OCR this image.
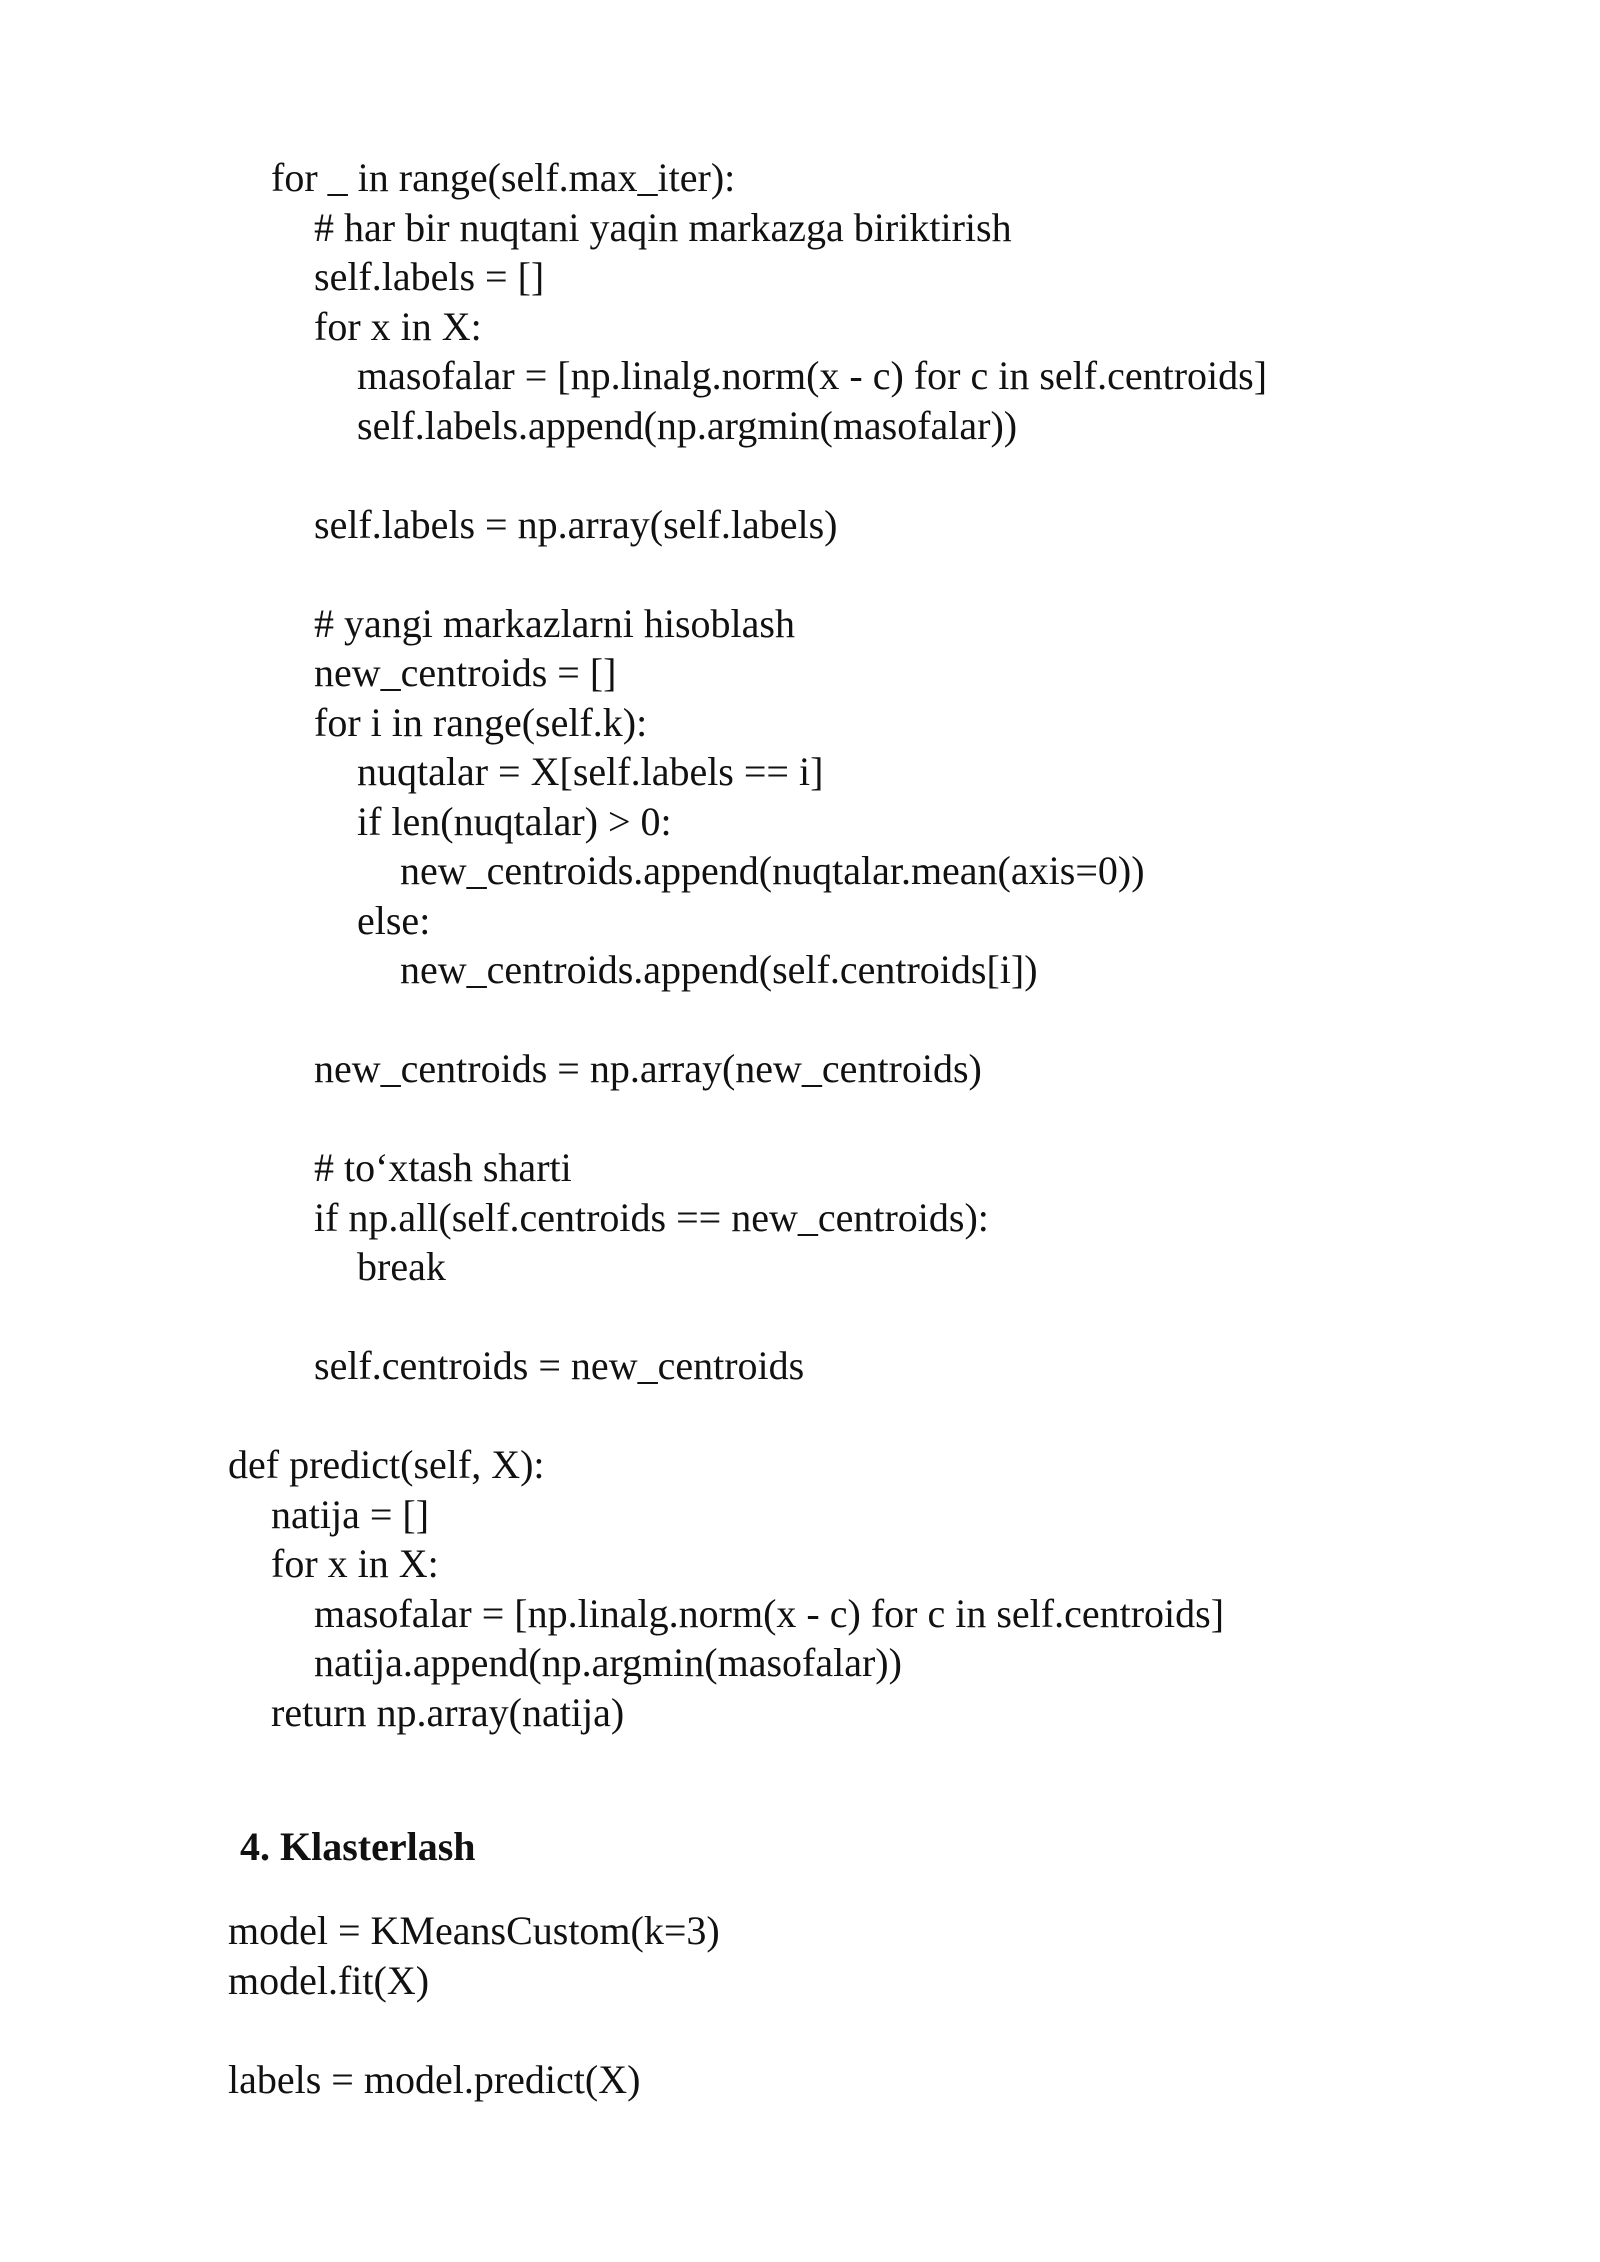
for _ in range(self.max_iter):
# har bir nuqtani yaqin markazga biriktirish
self.labels = []
for x in X:
masofalar = [np.linalg.norm(x - c) for c in self.centroids]
self.labels.append(np.argmin(masofalar))
self.labels = np.array(self.labels)
# yangi markazlarni hisoblash
new_centroids = []
for i in range(self.k):
nuqtalar = X[self.labels == i]
if len(nuqtalar) > 0:
new_centroids.append(nuqtalar.mean(axis=0))
else:
new_centroids.append(self.centroids[i])
new_centroids = np.array(new_centroids)
# to‘xtash sharti
if np.all(self.centroids == new_centroids):
break
self.centroids = new_centroids
def predict(self, X):
natija = []
for x in X:
masofalar = [np.linalg.norm(x - c) for c in self.centroids]
natija.append(np.argmin(masofalar))
return np.array(natija)
4. Klasterlash
model = KMeansCustom(k=3)
model.fit(X)
labels = model.predict(X)
